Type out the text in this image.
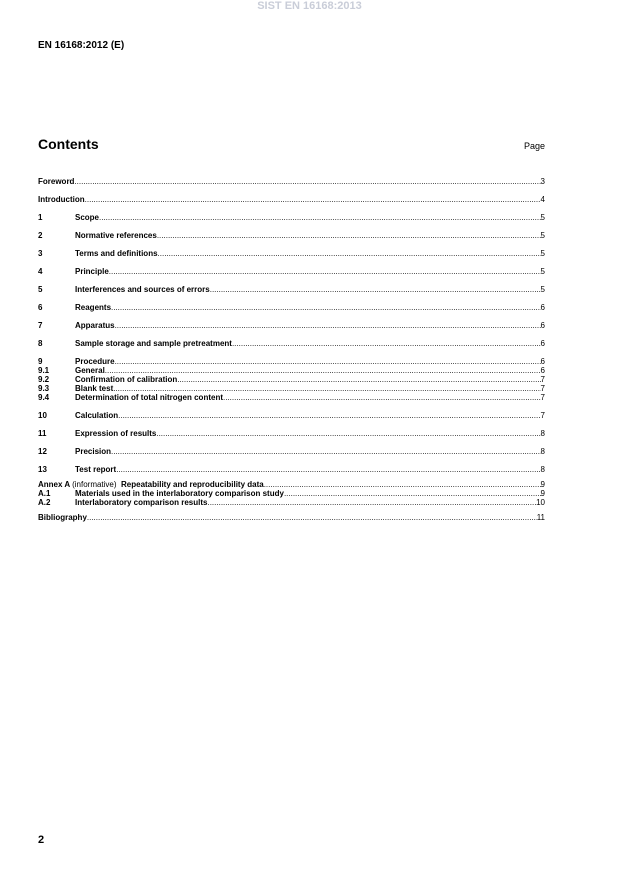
SIST EN 16168:2013
EN 16168:2012 (E)
Contents	Page
Foreword .....	3
Introduction .....	4
1	Scope .....	5
2	Normative references .....	5
3	Terms and definitions .....	5
4	Principle .....	5
5	Interferences and sources of errors .....	5
6	Reagents .....	6
7	Apparatus .....	6
8	Sample storage and sample pretreatment .....	6
9	Procedure .....	6
9.1	General .....	6
9.2	Confirmation of calibration .....	7
9.3	Blank test .....	7
9.4	Determination of total nitrogen content .....	7
10	Calculation .....	7
11	Expression of results .....	8
12	Precision .....	8
13	Test report .....	8
Annex A (informative) Repeatability and reproducibility data .....	9
A.1	Materials used in the interlaboratory comparison study .....	9
A.2	Interlaboratory comparison results .....	10
Bibliography .....	11
2
